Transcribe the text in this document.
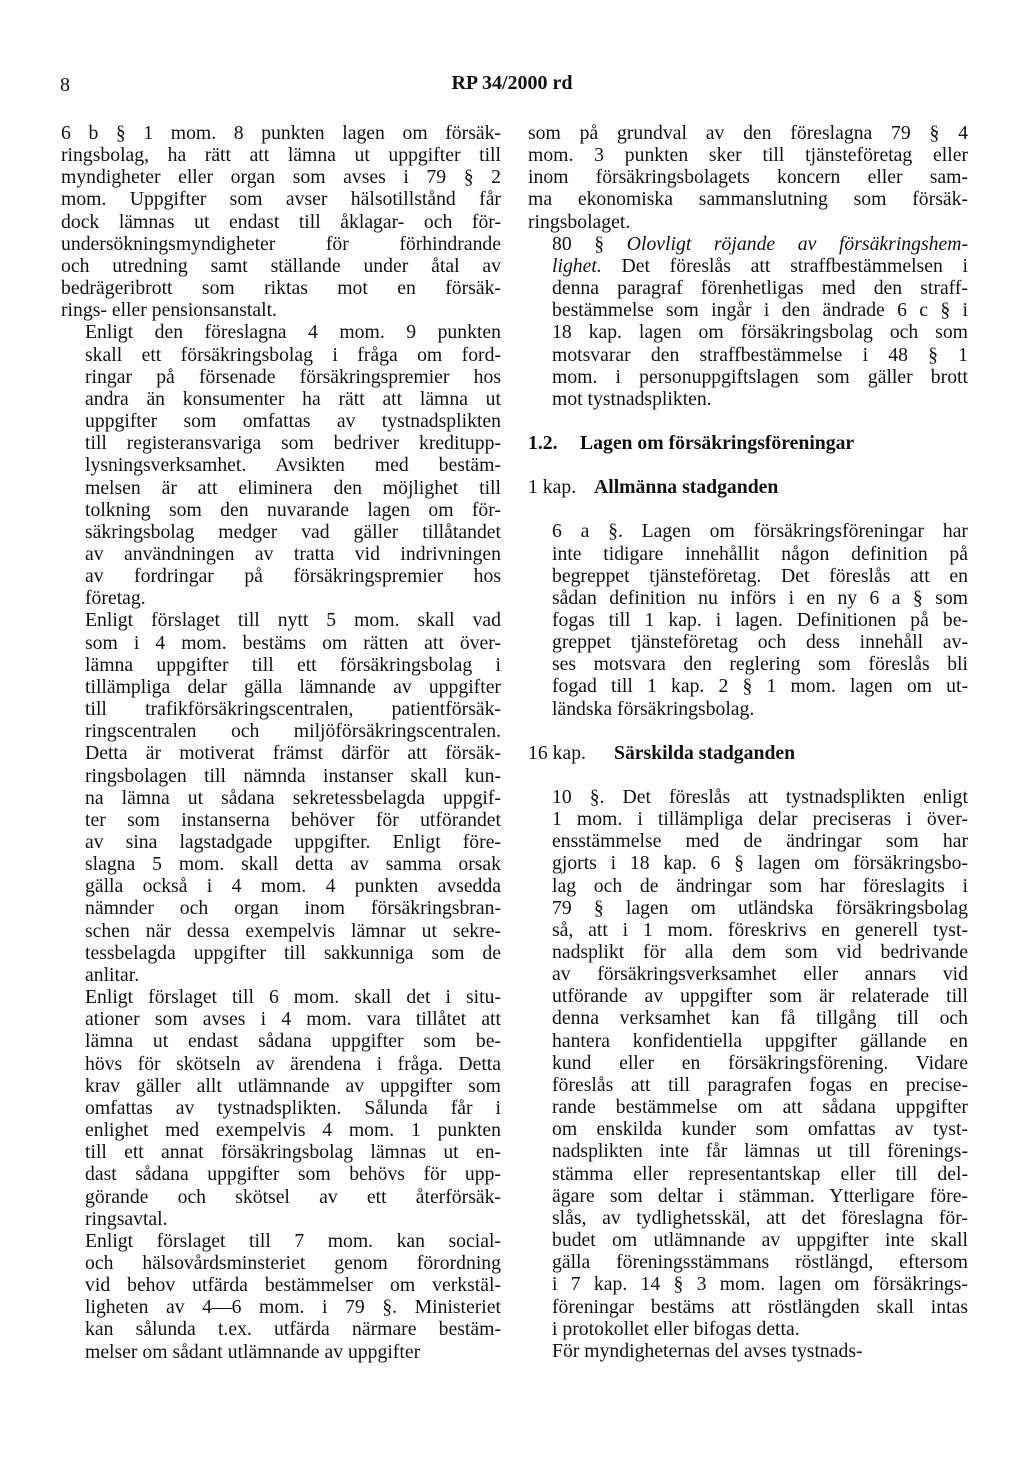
8	RP 34/2000 rd
6 b § 1 mom. 8 punkten lagen om försäk-
ringsbolag, ha rätt att lämna ut uppgifter till
myndigheter eller organ som avses i 79 § 2
mom. Uppgifter som avser hälsotillstånd får
dock lämnas ut endast till åklagar- och för-
undersökningsmyndigheter för förhindrande
och utredning samt ställande under åtal av
bedrägeribrott som riktas mot en försäk-
rings- eller pensionsanstalt.
Enligt den föreslagna 4 mom. 9 punkten
skall ett försäkringsbolag i fråga om ford-
ringar på försenade försäkringspremier hos
andra än konsumenter ha rätt att lämna ut
uppgifter som omfattas av tystnadsplikten
till registeransvariga som bedriver kreditupp-
lysningsverksamhet. Avsikten med bestäm-
melsen är att eliminera den möjlighet till
tolkning som den nuvarande lagen om för-
säkringsbolag medger vad gäller tillåtandet
av användningen av tratta vid indrivningen
av fordringar på försäkringspremier hos
företag.
Enligt förslaget till nytt 5 mom. skall vad
som i 4 mom. bestäms om rätten att över-
lämna uppgifter till ett försäkringsbolag i
tillämpliga delar gälla lämnande av uppgifter
till trafikförsäkringscentralen, patientförsäk-
ringscentralen och miljöförsäkringscentralen.
Detta är motiverat främst därför att försäk-
ringsbolagen till nämnda instanser skall kun-
na lämna ut sådana sekretessbelagda uppgif-
ter som instanserna behöver för utförandet
av sina lagstadgade uppgifter. Enligt före-
slagna 5 mom. skall detta av samma orsak
gälla också i 4 mom. 4 punkten avsedda
nämnder och organ inom försäkringsbran-
schen när dessa exempelvis lämnar ut sekre-
tessbelagda uppgifter till sakkunniga som de
anlitar.
Enligt förslaget till 6 mom. skall det i situ-
ationer som avses i 4 mom. vara tillåtet att
lämna ut endast sådana uppgifter som be-
hövs för skötseln av ärendena i fråga. Detta
krav gäller allt utlämnande av uppgifter som
omfattas av tystnadsplikten. Sålunda får i
enlighet med exempelvis 4 mom. 1 punkten
till ett annat försäkringsbolag lämnas ut en-
dast sådana uppgifter som behövs för upp-
görande och skötsel av ett återförsäk-
ringsavtal.
Enligt förslaget till 7 mom. kan social-
och hälsovårdsminsteriet genom förordning
vid behov utfärda bestämmelser om verkstäl-
ligheten av 4—6 mom. i 79 §. Ministeriet
kan sålunda t.ex. utfärda närmare bestäm-
melser om sådant utlämnande av uppgifter
som på grundval av den föreslagna 79 § 4
mom. 3 punkten sker till tjänsteföretag eller
inom försäkringsbolagets koncern eller sam-
ma ekonomiska sammanslutning som försäk-
ringsbolaget.
80 § Olovligt röjande av försäkringshem-
lighet. Det föreslås att straffbestämmelsen i
denna paragraf förenhetligas med den straff-
bestämmelse som ingår i den ändrade 6 c § i
18 kap. lagen om försäkringsbolag och som
motsvarar den straffbestämmelse i 48 § 1
mom. i personuppgiftslagen som gäller brott
mot tystnadsplikten.
1.2. Lagen om försäkringsföreningar
1 kap. Allmänna stadganden
6 a §. Lagen om försäkringsföreningar har
inte tidigare innehållit någon definition på
begreppet tjänsteföretag. Det föreslås att en
sådan definition nu införs i en ny 6 a § som
fogas till 1 kap. i lagen. Definitionen på be-
greppet tjänsteföretag och dess innehåll av-
ses motsvara den reglering som föreslås bli
fogad till 1 kap. 2 § 1 mom. lagen om ut-
ländska försäkringsbolag.
16 kap. Särskilda stadganden
10 §. Det föreslås att tystnadsplikten enligt
1 mom. i tillämpliga delar preciseras i över-
ensstämmelse med de ändringar som har
gjorts i 18 kap. 6 § lagen om försäkringsbo-
lag och de ändringar som har föreslagits i
79 § lagen om utländska försäkringsbolag
så, att i 1 mom. föreskrivs en generell tyst-
nadsplikt för alla dem som vid bedrivande
av försäkringsverksamhet eller annars vid
utförande av uppgifter som är relaterade till
denna verksamhet kan få tillgång till och
hantera konfidentiella uppgifter gällande en
kund eller en försäkringsförening. Vidare
föreslås att till paragrafen fogas en precise-
rande bestämmelse om att sådana uppgifter
om enskilda kunder som omfattas av tyst-
nadsplikten inte får lämnas ut till förenings-
stämma eller representantskap eller till del-
ägare som deltar i stämman. Ytterligare före-
slås, av tydlighetsskäl, att det föreslagna för-
budet om utlämnande av uppgifter inte skall
gälla föreningsstämmans röstlängd, eftersom
i 7 kap. 14 § 3 mom. lagen om försäkrings-
föreningar bestäms att röstlängden skall intas
i protokollet eller bifogas detta.
För myndigheternas del avses tystnads-
